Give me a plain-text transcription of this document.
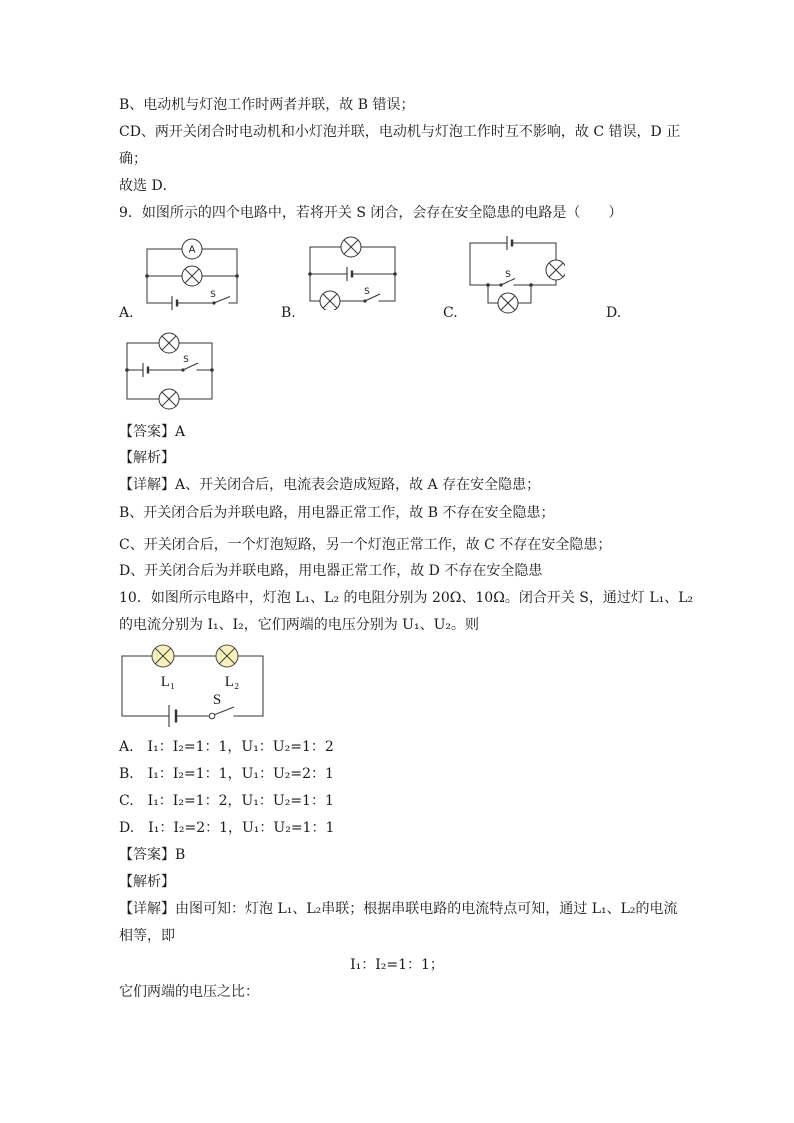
B、电动机与灯泡工作时两者并联，故 B 错误；
CD、两开关闭合时电动机和小灯泡并联，电动机与灯泡工作时互不影响，故 C 错误，D 正
确；
故选 D．
9．如图所示的四个电路中，若将开关 S 闭合，会存在安全隐患的电路是（　　）
A
S	S
S
A.	B.	C.	D.
S
【答案】A
【解析】
【详解】A、开关闭合后，电流表会造成短路，故 A 存在安全隐患；
B、开关闭合后为并联电路，用电器正常工作，故 B 不存在安全隐患；
C、开关闭合后，一个灯泡短路，另一个灯泡正常工作，故 C 不存在安全隐患；
D、开关闭合后为并联电路，用电器正常工作，故 D 不存在安全隐患
10．如图所示电路中，灯泡 L₁、L₂ 的电阻分别为 20Ω、10Ω。闭合开关 S，通过灯 L₁、L₂
的电流分别为 I₁、I₂，它们两端的电压分别为 U₁、U₂。则
L₁	L₂
S
A.　I₁：I₂=1：1，U₁：U₂=1：2
B.　I₁：I₂=1：1，U₁：U₂=2：1
C.　I₁：I₂=1：2，U₁：U₂=1：1
D.　I₁：I₂=2：1，U₁：U₂=1：1
【答案】B
【解析】
【详解】由图可知：灯泡 L₁、L₂串联；根据串联电路的电流特点可知，通过 L₁、L₂的电流
相等，即
I₁：I₂=1：1；
它们两端的电压之比：
